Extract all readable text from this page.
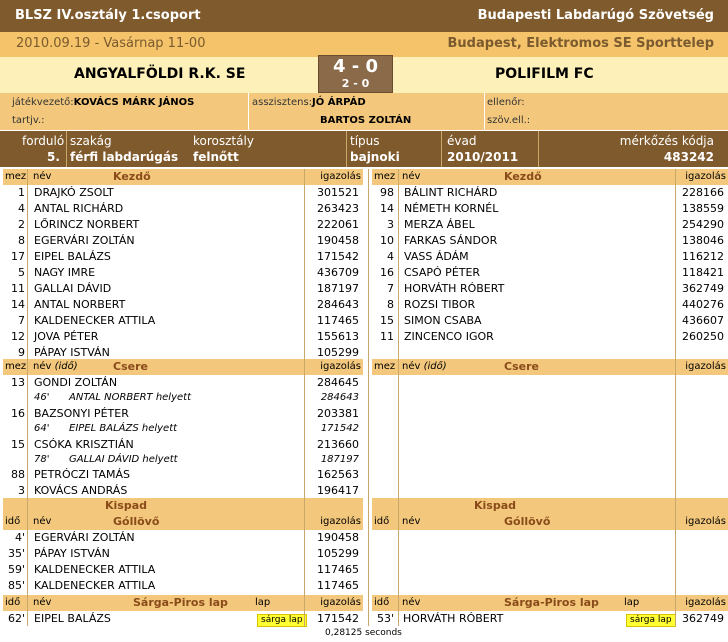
BLSZ IV.osztály 1.csoport	Budapesti Labdarúgó Szövetség
2010.09.19 - Vasárnap 11-00	Budapest, Elektromos SE Sporttelep
ANGYALFÖLDI R.K. SE	POLIFILM FC
4 - 0
2 - 0
játékvezető:KOVÁCS MÁRK JÁNOS
tartjv.:
asszisztens:JÓ ÁRPÁD
BARTOS ZOLTÁN
ellenőr:
szöv.ell.:
forduló
5.
szakág
férfi labdarúgás
korosztály
felnőtt
típus
bajnoki
évad
2010/2011
mérkőzés kódja
483242
mez név	Kezdő	igazolás mez név	Kezdő	igazolás
1 DRAJKÓ ZSOLT	301521
4 ANTAL RICHÁRD	263423
2 LŐRINCZ NORBERT	222061
8 EGERVÁRI ZOLTÁN	190458
17 EIPEL BALÁZS	171542
5 NAGY IMRE	436709
11 GALLAI DÁVID	187197
14 ANTAL NORBERT	284643
7 KALDENECKER ATTILA	117465
12 JOVA PÉTER	155613
9 PÁPAY ISTVÁN	105299
98 BÁLINT RICHÁRD	228166
14 NÉMETH KORNÉL	138559
3 MERZA ÁBEL	254290
10 FARKAS SÁNDOR	138046
4 VASS ÁDÁM	116212
16 CSAPÓ PÉTER	118421
7 HORVÁTH RÓBERT	362749
8 ROZSI TIBOR	440276
15 SIMON CSABA	436607
11 ZINCENCO IGOR	260250
mez név (idő)	Csere	igazolás mez név (idő)	Csere	igazolás
13 GONDI ZOLTÁN	284645
46' ANTAL NORBERT helyett	284643
16 BAZSONYI PÉTER	203381
64' EIPEL BALÁZS helyett	171542
15 CSÓKA KRISZTIÁN	213660
78' GALLAI DÁVID helyett	187197
88 PETRÓCZI TAMÁS	162563
3 KOVÁCS ANDRÁS	196417
Kispad	Kispad
idő név	Góllövő	igazolás idő név	Góllövő	igazolás
4' EGERVÁRI ZOLTÁN	190458
35' PÁPAY ISTVÁN	105299
59' KALDENECKER ATTILA	117465
85' KALDENECKER ATTILA	117465
idő név	Sárga-Piros lap	lap	igazolás idő név	Sárga-Piros lap	lap	igazolás
62' EIPEL BALÁZS	sárga lap	171542	53' HORVÁTH RÓBERT	sárga lap 362749
0,28125 seconds
